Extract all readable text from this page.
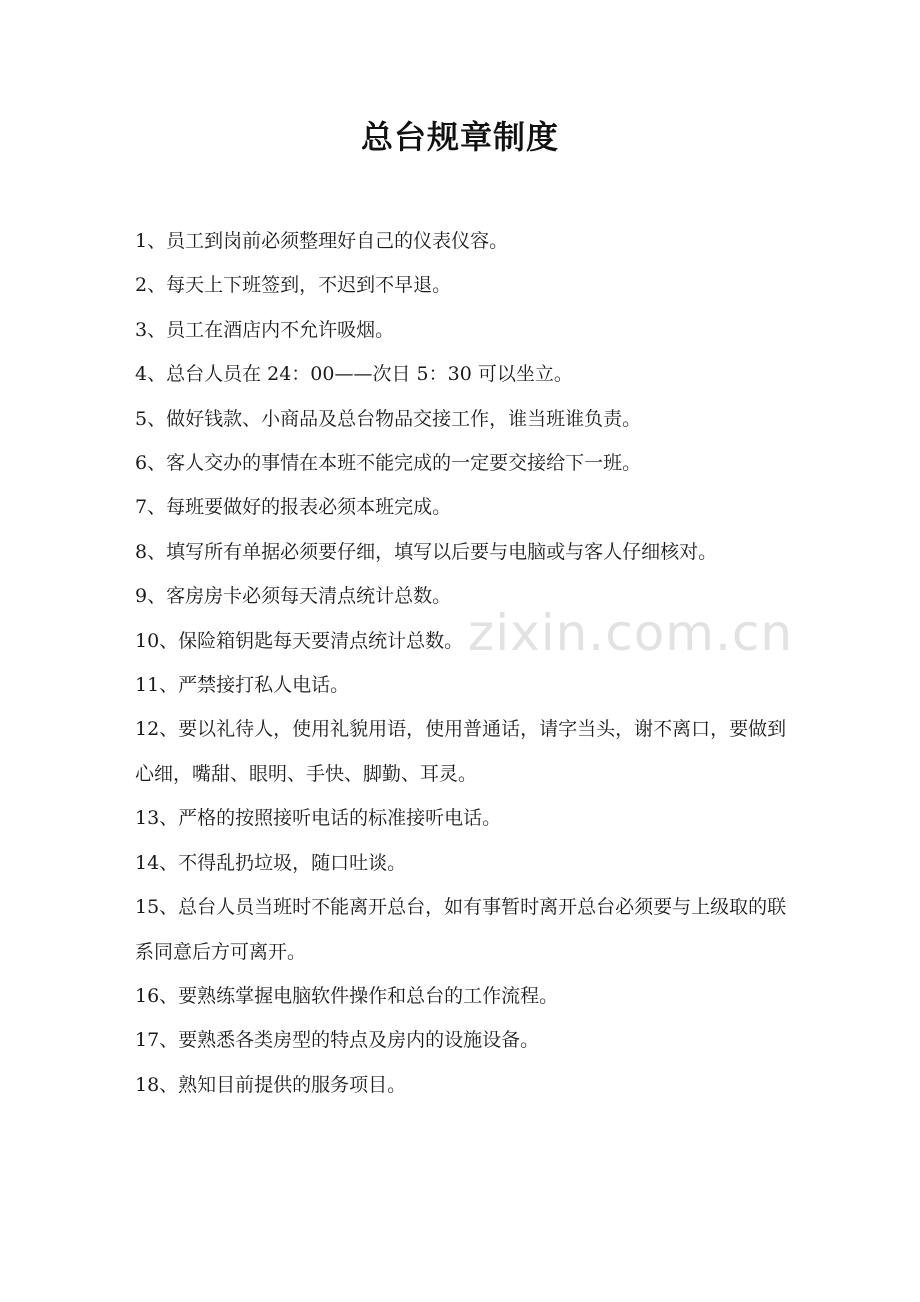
总台规章制度
1、员工到岗前必须整理好自己的仪表仪容。
2、每天上下班签到，不迟到不早退。
3、员工在酒店内不允许吸烟。
4、总台人员在 24：00——次日 5：30 可以坐立。
5、做好钱款、小商品及总台物品交接工作，谁当班谁负责。
6、客人交办的事情在本班不能完成的一定要交接给下一班。
7、每班要做好的报表必须本班完成。
8、填写所有单据必须要仔细，填写以后要与电脑或与客人仔细核对。
9、客房房卡必须每天清点统计总数。
10、保险箱钥匙每天要清点统计总数。
11、严禁接打私人电话。
12、要以礼待人，使用礼貌用语，使用普通话，请字当头，谢不离口，要做到心细，嘴甜、眼明、手快、脚勤、耳灵。
13、严格的按照接听电话的标准接听电话。
14、不得乱扔垃圾，随口吐谈。
15、总台人员当班时不能离开总台，如有事暂时离开总台必须要与上级取的联系同意后方可离开。
16、要熟练掌握电脑软件操作和总台的工作流程。
17、要熟悉各类房型的特点及房内的设施设备。
18、熟知目前提供的服务项目。
zixin.com.cn
